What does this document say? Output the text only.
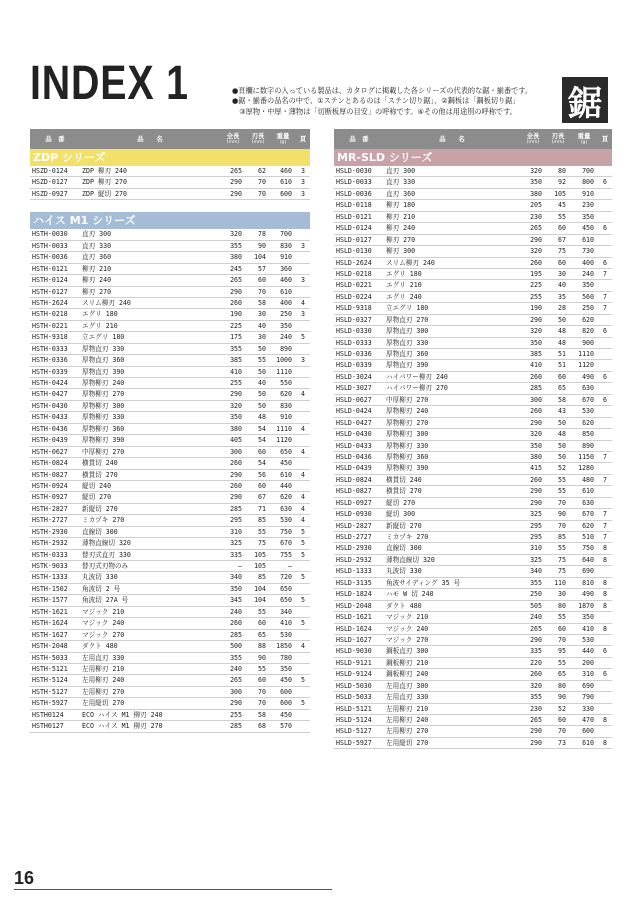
INDEX 1	●頁欄に数字の入っている製品は、カタログに掲載した各シリーズの代表的な鋸・揃番です。
●鋸・揃番の品名の中で、①ステンとあるのは「ステン切り鋸」、②鋼板は「鋼板切り鋸」
　③厚物・中厚・薄物は「切断板厚の目安」の呼称です。④その他は用途別の呼称です。	鋸
品　番	品　　名	全長
(mm)	刃長
(mm)	重量
(g)	頁
ZDP シリーズ					
HSZD-0124	ZDP 柳刃 240	265	62	460	3
HSZD-0127	ZDP 柳刃 270	290	70	610	3
HSZD-0927	ZDP 縦切 270	290	70	600	3

ハイス M1 シリーズ					
HSTH-0030	直刃 300	320	78	700	
HSTH-0033	直刃 330	355	90	830	3
HSTH-0036	直刃 360	380	104	910	
HSTH-0121	柳刃 210	245	57	360	
HSTH-0124	柳刃 240	265	60	460	3
HSTH-0127	柳刃 270	290	70	610	
HSTH-2624	スリム柳刃 240	260	58	400	4
HSTH-0218	エグリ 180	190	30	250	3
HSTH-0221	エグリ 210	225	40	350	
HSTH-9318	立エグリ 180	175	30	240	5
HSTH-0333	厚物直刃 330	355	50	890	
HSTH-0336	厚物直刃 360	385	55	1000	3
HSTH-0339	厚物直刃 390	410	50	1110	
HSTH-0424	厚物柳刃 240	255	40	550	
HSTH-0427	厚物柳刃 270	290	50	620	4
HSTH-0430	厚物柳刃 300	320	50	830	
HSTH-0433	厚物柳刃 330	350	48	910	
HSTH-0436	厚物柳刃 360	380	54	1110	4
HSTH-0439	厚物柳刃 390	405	54	1120	
HSTH-0627	中厚柳刃 270	300	60	650	4
HSTH-0824	横貫切 240	260	54	450	
HSTH-0827	横貫切 270	290	56	610	4
HSTH-0924	縦切 240	260	60	440	
HSTH-0927	縦切 270	290	67	620	4
HSTH-2827	新縦切 270	285	71	630	4
HSTH-2727	ミカヅキ 270	295	85	530	4
HSTH-2930	直線切 300	310	55	750	5
HSTH-2932	薄物直線切 320	325	75	670	5
HSTH-0333	替刃式直刃 330	335	105	755	5
HSTK-9033	替刃式刃物のみ	—	105	—	
HSTH-1333	丸波切 330	340	85	720	5
HSTH-1502	角波切 2 号	350	104	650	
HSTH-1577	角波切 27A 号	345	104	650	5
HSTH-1621	マジック 210	240	55	340	
HSTH-1624	マジック 240	260	60	410	5
HSTH-1627	マジック 270	285	65	530	
HSTH-2048	ダクト 480	500	88	1850	4
HSTH-5033	左用直刃 330	355	90	780	
HSTH-5121	左用柳刃 210	240	55	350	
HSTH-5124	左用柳刃 240	265	60	450	5
HSTH-5127	左用柳刃 270	300	70	600	
HSTH-5927	左用縦切 270	290	70	600	5
HSTH0124	ECO ハイス M1 柳刃 240	255	58	450	
HSTH0127	ECO ハイス M1 柳刃 270	285	68	570	
品　番	品　　名	全長
(mm)	刃長
(mm)	重量
(g)	頁
MR-SLD シリーズ					
HSLD-0030	直刃 300	320	80	700	
HSLD-0033	直刃 330	350	92	800	6
HSLD-0036	直刃 360	380	105	910	
HSLD-0118	柳刃 180	205	45	230	
HSLD-0121	柳刃 210	230	55	350	
HSLD-0124	柳刃 240	265	60	450	6
HSLD-0127	柳刃 270	290	67	610	
HSLD-0130	柳刃 300	320	75	730	
HSLD-2624	スリム柳刃 240	260	60	400	6
HSLD-0218	エグリ 180	195	30	240	7
HSLD-0221	エグリ 210	225	40	350	
HSLD-0224	エグリ 240	255	35	560	7
HSLD-9318	立エグリ 180	190	28	250	7
HSLD-0327	厚物直刃 270	290	50	620	
HSLD-0330	厚物直刃 300	320	48	820	6
HSLD-0333	厚物直刃 330	350	48	900	
HSLD-0336	厚物直刃 360	385	51	1110	
HSLD-0339	厚物直刃 390	410	51	1120	
HSLD-3024	ハイパワー柳刃 240	260	60	490	6
HSLD-3027	ハイパワー柳刃 270	285	65	630	
HSLD-0627	中厚柳刃 270	300	58	670	6
HSLD-0424	厚物柳刃 240	260	43	530	
HSLD-0427	厚物柳刃 270	290	50	620	
HSLD-0430	厚物柳刃 300	320	48	850	
HSLD-0433	厚物柳刃 330	350	50	890	
HSLD-0436	厚物柳刃 360	380	50	1150	7
HSLD-0439	厚物柳刃 390	415	52	1280	
HSLD-0824	横貫切 240	260	55	480	7
HSLD-0827	横貫切 270	290	55	610	
HSLD-0927	縦切 270	290	70	630	
HSLD-0930	縦切 300	325	90	670	7
HSLD-2827	新縦切 270	295	70	620	7
HSLD-2727	ミカヅキ 270	295	85	510	7
HSLD-2930	直線切 300	310	55	750	8
HSLD-2932	薄物直線切 320	325	75	640	8
HSLD-1333	丸波切 330	340	75	690	
HSLD-3135	角波サイディング 35 号	355	110	810	8
HSLD-1824	ハモ W 切 240	250	30	490	8
HSLD-2048	ダクト 480	505	80	1870	8
HSLD-1621	マジック 210	240	55	350	
HSLD-1624	マジック 240	265	60	410	8
HSLD-1627	マジック 270	290	70	530	
HSLD-9030	鋼板直刃 300	335	95	440	6
HSLD-9121	鋼板柳刃 210	220	55	200	
HSLD-9124	鋼板柳刃 240	260	65	310	6
HSLD-5030	左用直刃 300	320	80	690	
HSLD-5033	左用直刃 330	355	90	790	
HSLD-5121	左用柳刃 210	230	52	330	
HSLD-5124	左用柳刃 240	265	60	470	8
HSLD-5127	左用柳刃 270	290	70	600	
HSLD-5927	左用縦切 270	290	73	610	8
16
